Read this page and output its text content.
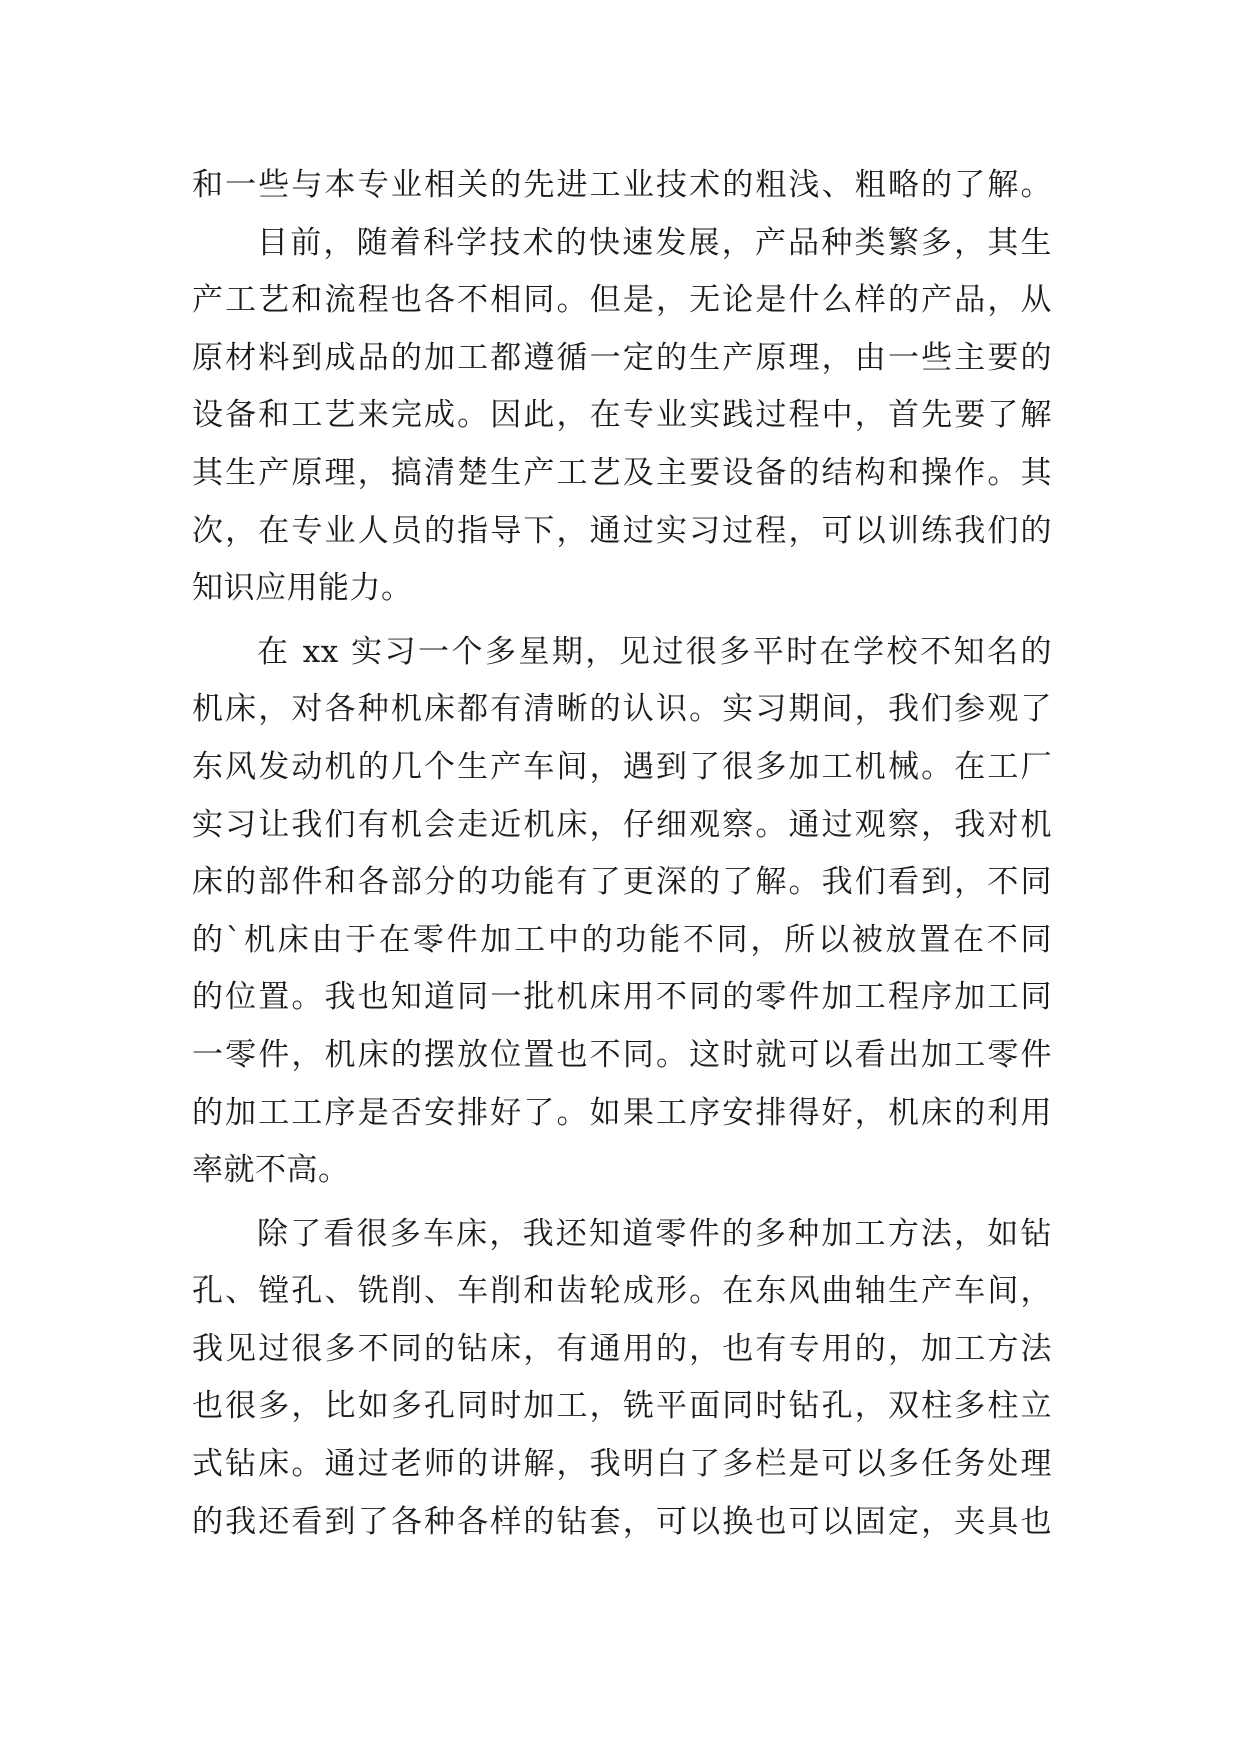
和一些与本专业相关的先进工业技术的粗浅、粗略的了解。
目前，随着科学技术的快速发展，产品种类繁多，其生
产工艺和流程也各不相同。但是，无论是什么样的产品，从
原材料到成品的加工都遵循一定的生产原理，由一些主要的
设备和工艺来完成。因此，在专业实践过程中，首先要了解
其生产原理，搞清楚生产工艺及主要设备的结构和操作。其
次，在专业人员的指导下，通过实习过程，可以训练我们的
知识应用能力。
在 xx 实习一个多星期，见过很多平时在学校不知名的
机床，对各种机床都有清晰的认识。实习期间，我们参观了
东风发动机的几个生产车间，遇到了很多加工机械。在工厂
实习让我们有机会走近机床，仔细观察。通过观察，我对机
床的部件和各部分的功能有了更深的了解。我们看到，不同
的`机床由于在零件加工中的功能不同，所以被放置在不同
的位置。我也知道同一批机床用不同的零件加工程序加工同
一零件，机床的摆放位置也不同。这时就可以看出加工零件
的加工工序是否安排好了。如果工序安排得好，机床的利用
率就不高。
除了看很多车床，我还知道零件的多种加工方法，如钻
孔、镗孔、铣削、车削和齿轮成形。在东风曲轴生产车间，
我见过很多不同的钻床，有通用的，也有专用的，加工方法
也很多，比如多孔同时加工，铣平面同时钻孔，双柱多柱立
式钻床。通过老师的讲解，我明白了多栏是可以多任务处理
的我还看到了各种各样的钻套，可以换也可以固定，夹具也
